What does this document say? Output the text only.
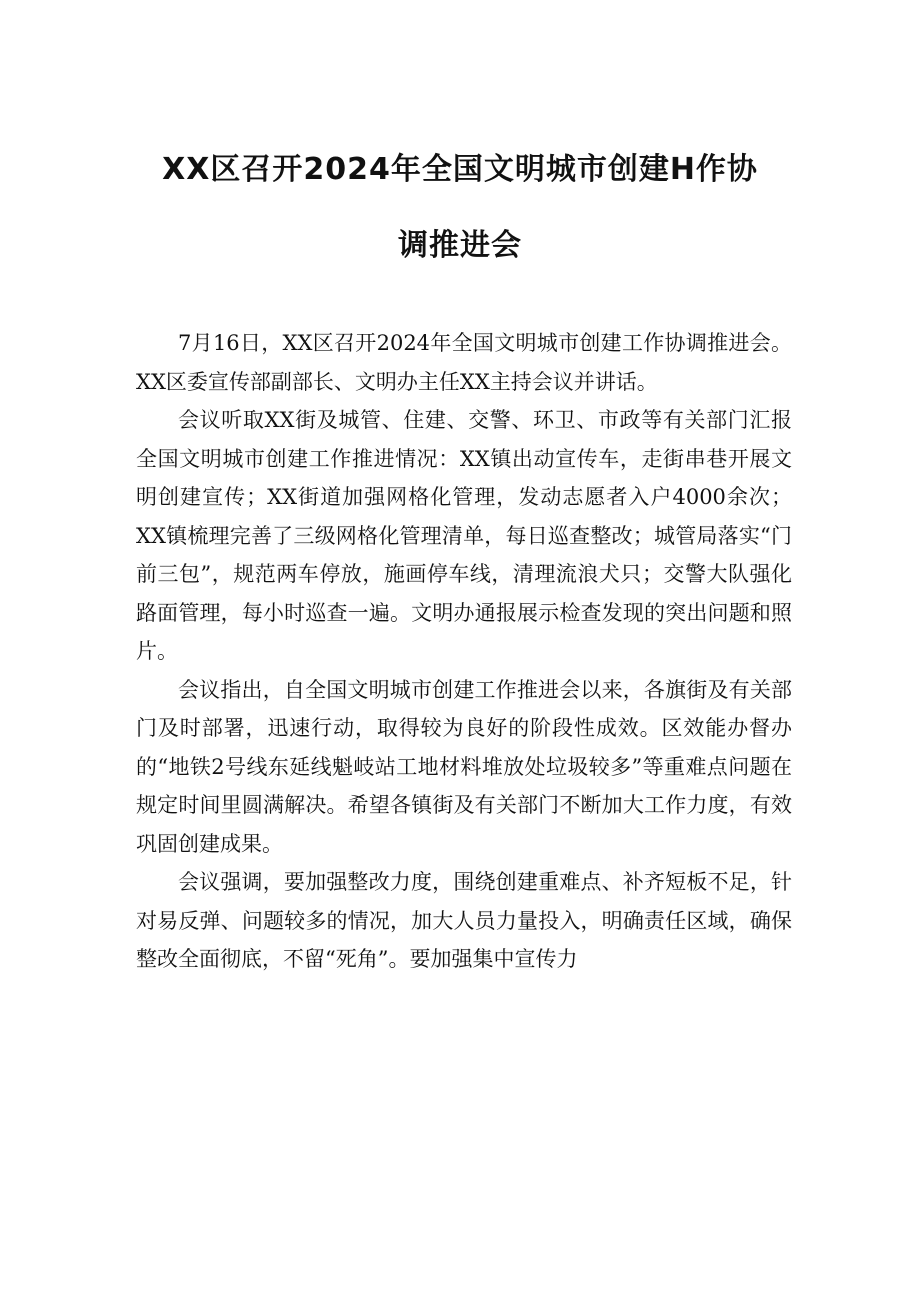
XX区召开2024年全国文明城市创建H作协
调推进会

7月16日，XX区召开2024年全国文明城市创建工作协调推进会。XX区委宣传部副部长、文明办主任XX主持会议并讲话。

会议听取XX街及城管、住建、交警、环卫、市政等有关部门汇报全国文明城市创建工作推进情况：XX镇出动宣传车，走街串巷开展文明创建宣传；XX街道加强网格化管理，发动志愿者入户4000余次；XX镇梳理完善了三级网格化管理清单，每日巡查整改；城管局落实“门前三包”，规范两车停放，施画停车线，清理流浪犬只；交警大队强化路面管理，每小时巡查一遍。文明办通报展示检查发现的突出问题和照片。

会议指出，自全国文明城市创建工作推进会以来，各旗街及有关部门及时部署，迅速行动，取得较为良好的阶段性成效。区效能办督办的“地铁2号线东延线魁岐站工地材料堆放处垃圾较多”等重难点问题在规定时间里圆满解决。希望各镇街及有关部门不断加大工作力度，有效巩固创建成果。

会议强调，要加强整改力度，围绕创建重难点、补齐短板不足，针对易反弹、问题较多的情况，加大人员力量投入，明确责任区域，确保整改全面彻底，不留“死角”。要加强集中宣传力
